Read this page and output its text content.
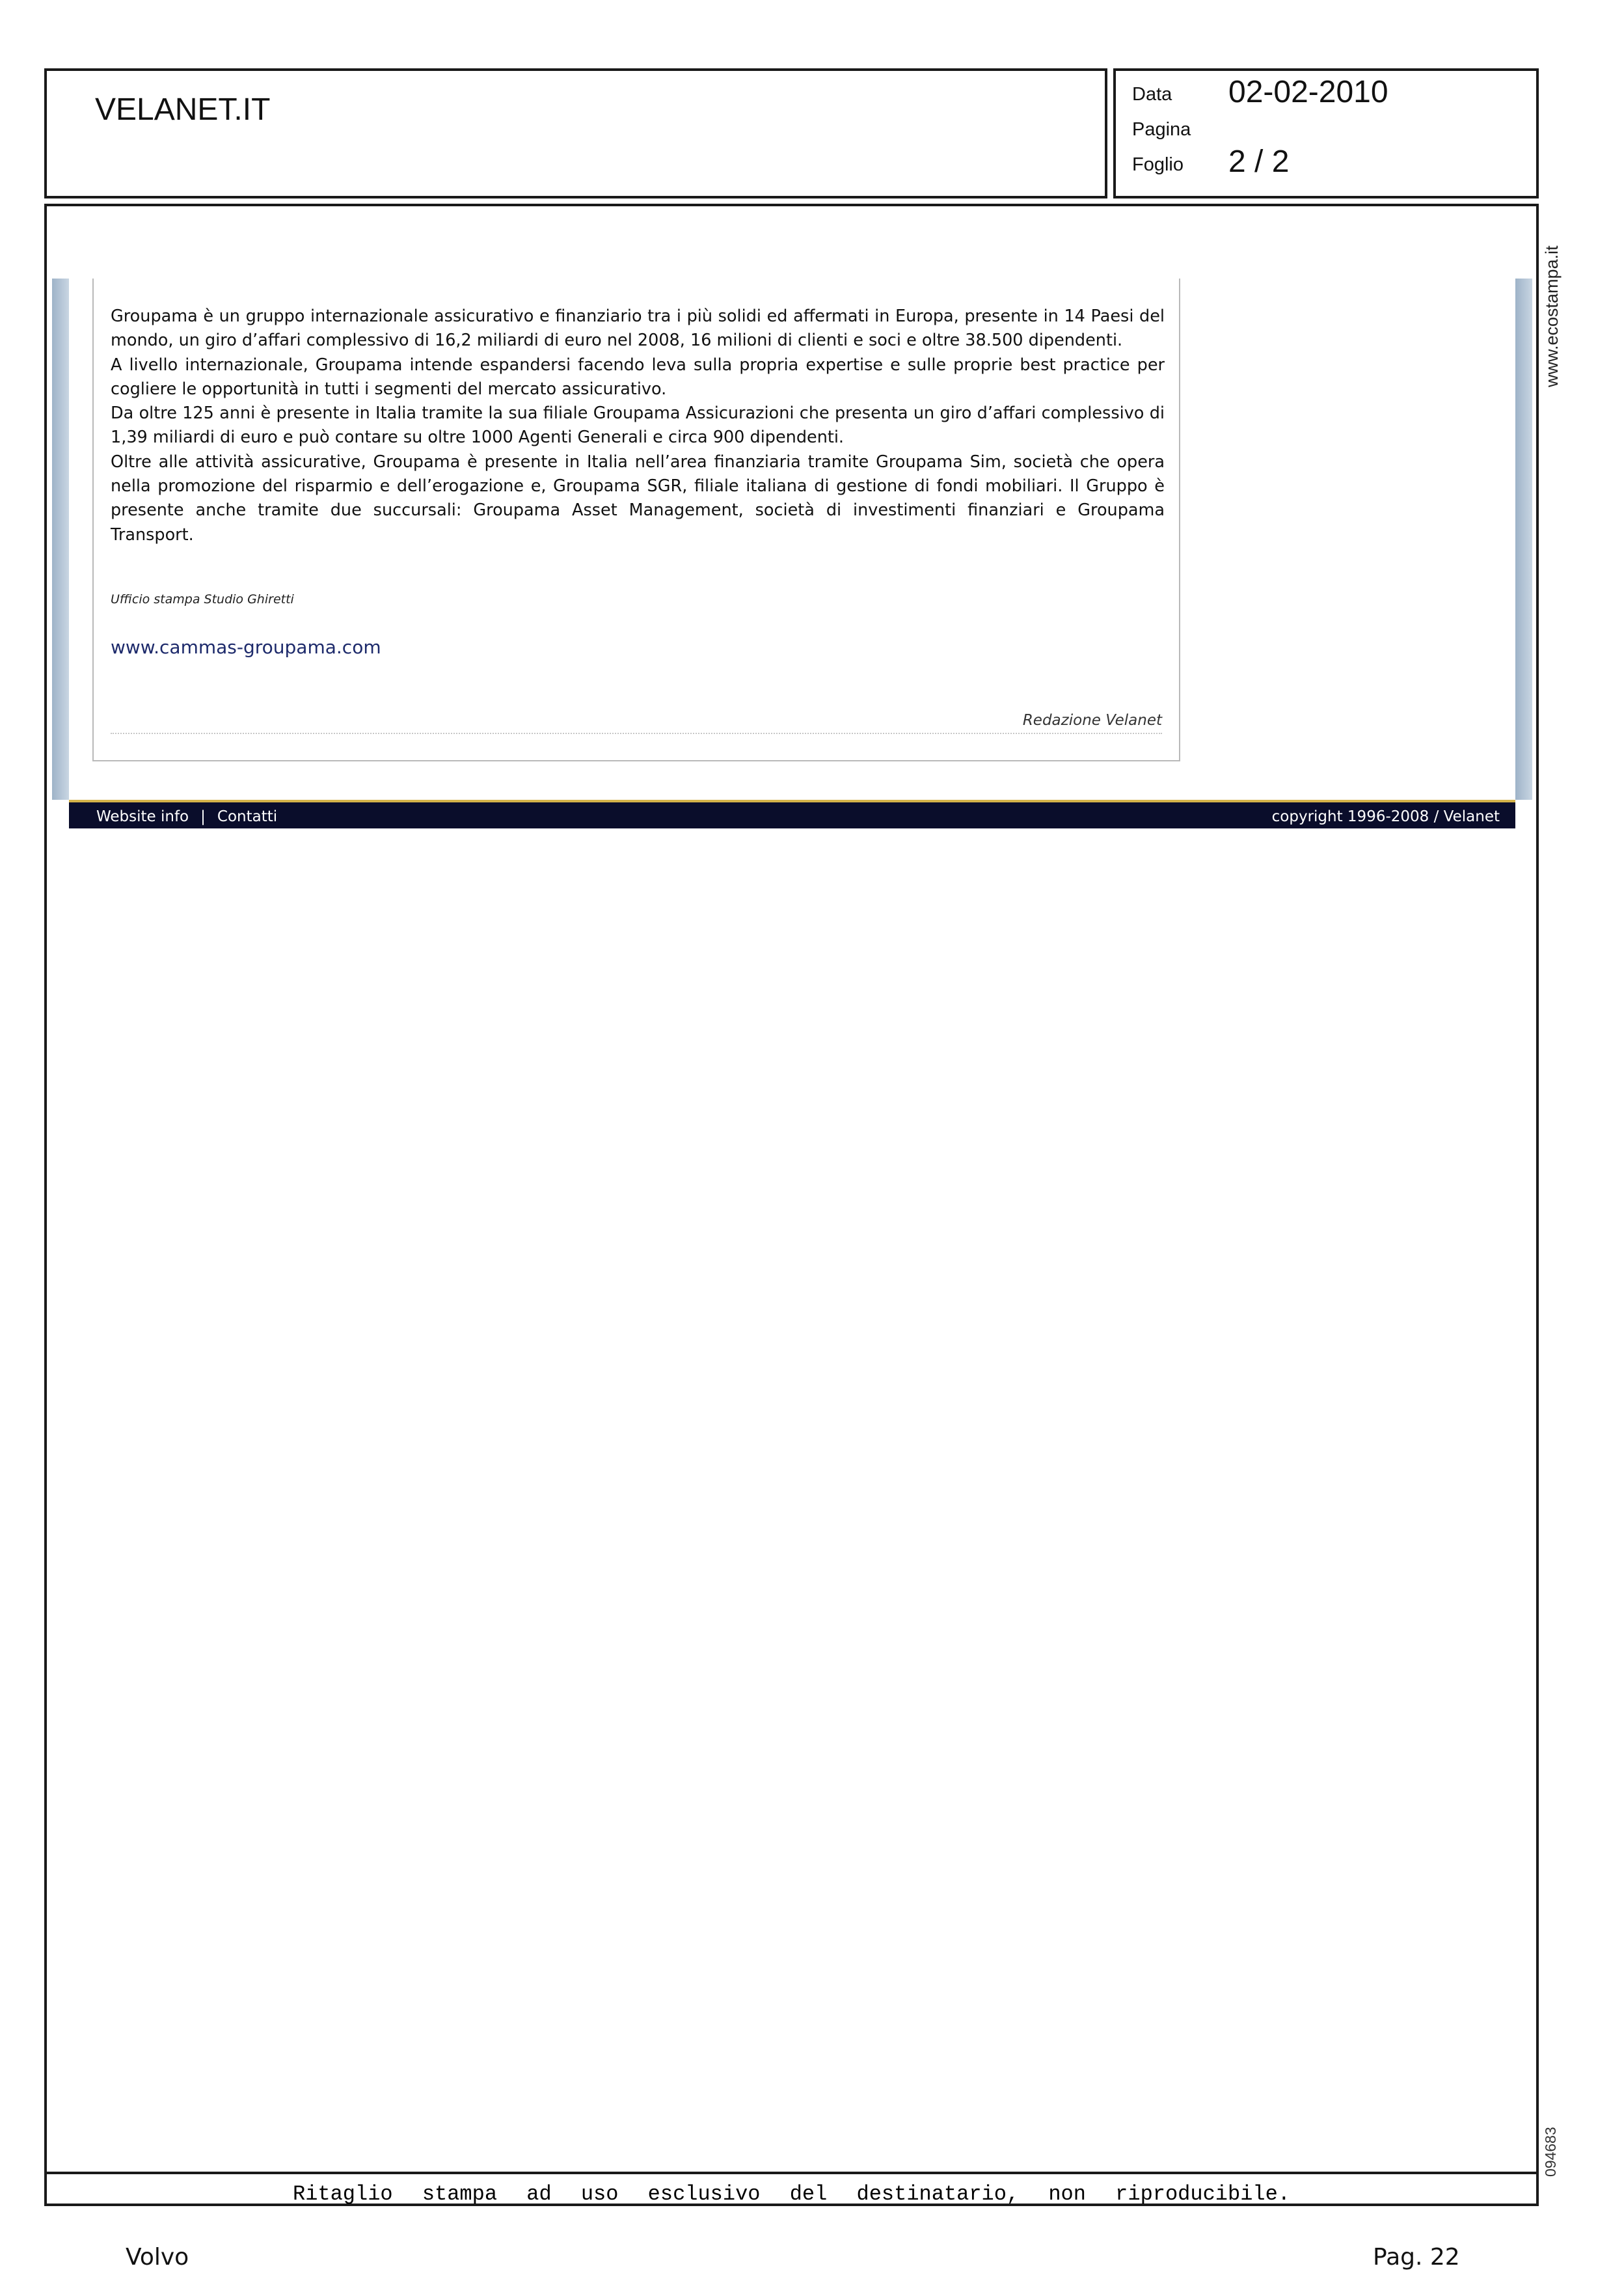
VELANET.IT	Data 02-02-2010
Pagina
Foglio 2 / 2
Ritaglio stampa ad uso esclusivo del destinatario, non riproducibile.

Groupama è un gruppo internazionale assicurativo e finanziario tra i più solidi ed affermati in Europa, presente in 14 Paesi del mondo, un giro d’affari complessivo di 16,2 miliardi di euro nel 2008, 16 milioni di clienti e soci e oltre 38.500 dipendenti.

A livello internazionale, Groupama intende espandersi facendo leva sulla propria expertise e sulle proprie best practice per cogliere le opportunità in tutti i segmenti del mercato assicurativo.

Da oltre 125 anni è presente in Italia tramite la sua filiale Groupama Assicurazioni che presenta un giro d’affari complessivo di 1,39 miliardi di euro e può contare su oltre 1000 Agenti Generali e circa 900 dipendenti.

Oltre alle attività assicurative, Groupama è presente in Italia nell’area finanziaria tramite Groupama Sim, società che opera nella promozione del risparmio e dell’erogazione e, Groupama SGR, filiale italiana di gestione di fondi mobiliari. Il Gruppo è presente anche tramite due succursali: Groupama Asset Management, società di investimenti finanziari e Groupama Transport.

Ufficio stampa Studio Ghiretti
www.cammas-groupama.com
Redazione Velanet
Website info | Contatti	copyright 1996-2008 / Velanet
www.ecostampa.it
094683
Volvo	Pag. 22
